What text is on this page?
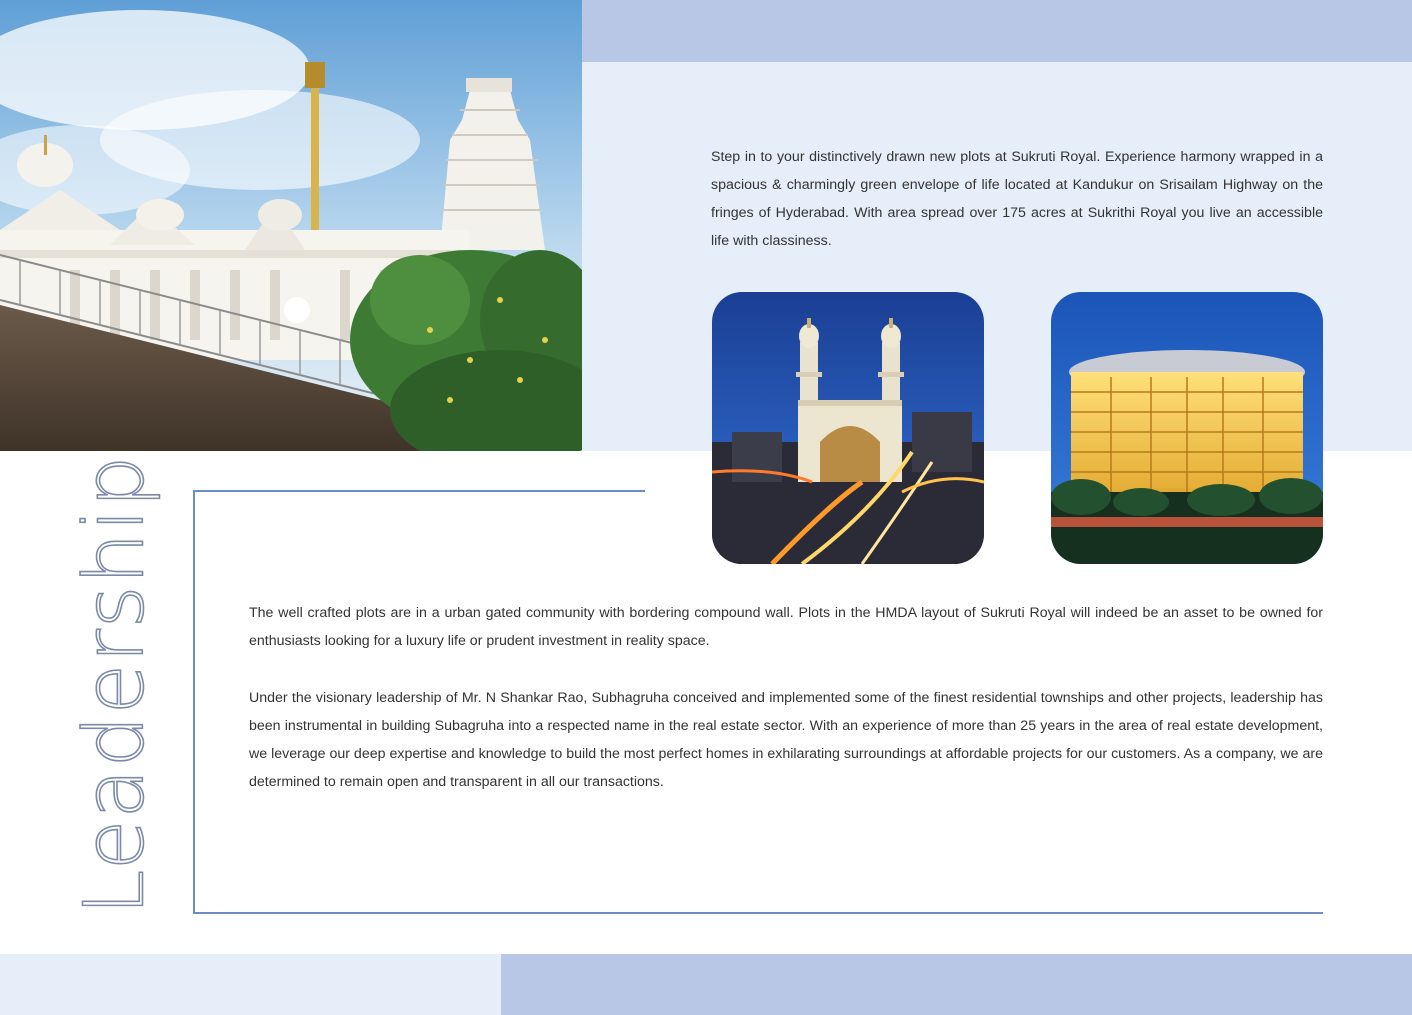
Step in to your distinctively drawn new plots at Sukruti Royal. Experience harmony wrapped in a spacious & charmingly green envelope of life located at Kandukur on Srisailam Highway on the fringes of Hyderabad. With area spread over 175 acres at Sukrithi Royal you live an accessible life with classiness.
Leadership	The well crafted plots are in a urban gated community with bordering compound wall. Plots in the HMDA layout of Sukruti Royal will indeed be an asset to be owned for enthusiasts looking for a luxury life or prudent investment in reality space.
Under the visionary leadership of Mr. N Shankar Rao, Subhagruha conceived and implemented some of the finest residential townships and other projects, leadership has been instrumental in building Subagruha into a respected name in the real estate sector. With an experience of more than 25 years in the area of real estate development, we leverage our deep expertise and knowledge to build the most perfect homes in exhilarating surroundings at affordable projects for our customers. As a company, we are determined to remain open and transparent in all our transactions.
